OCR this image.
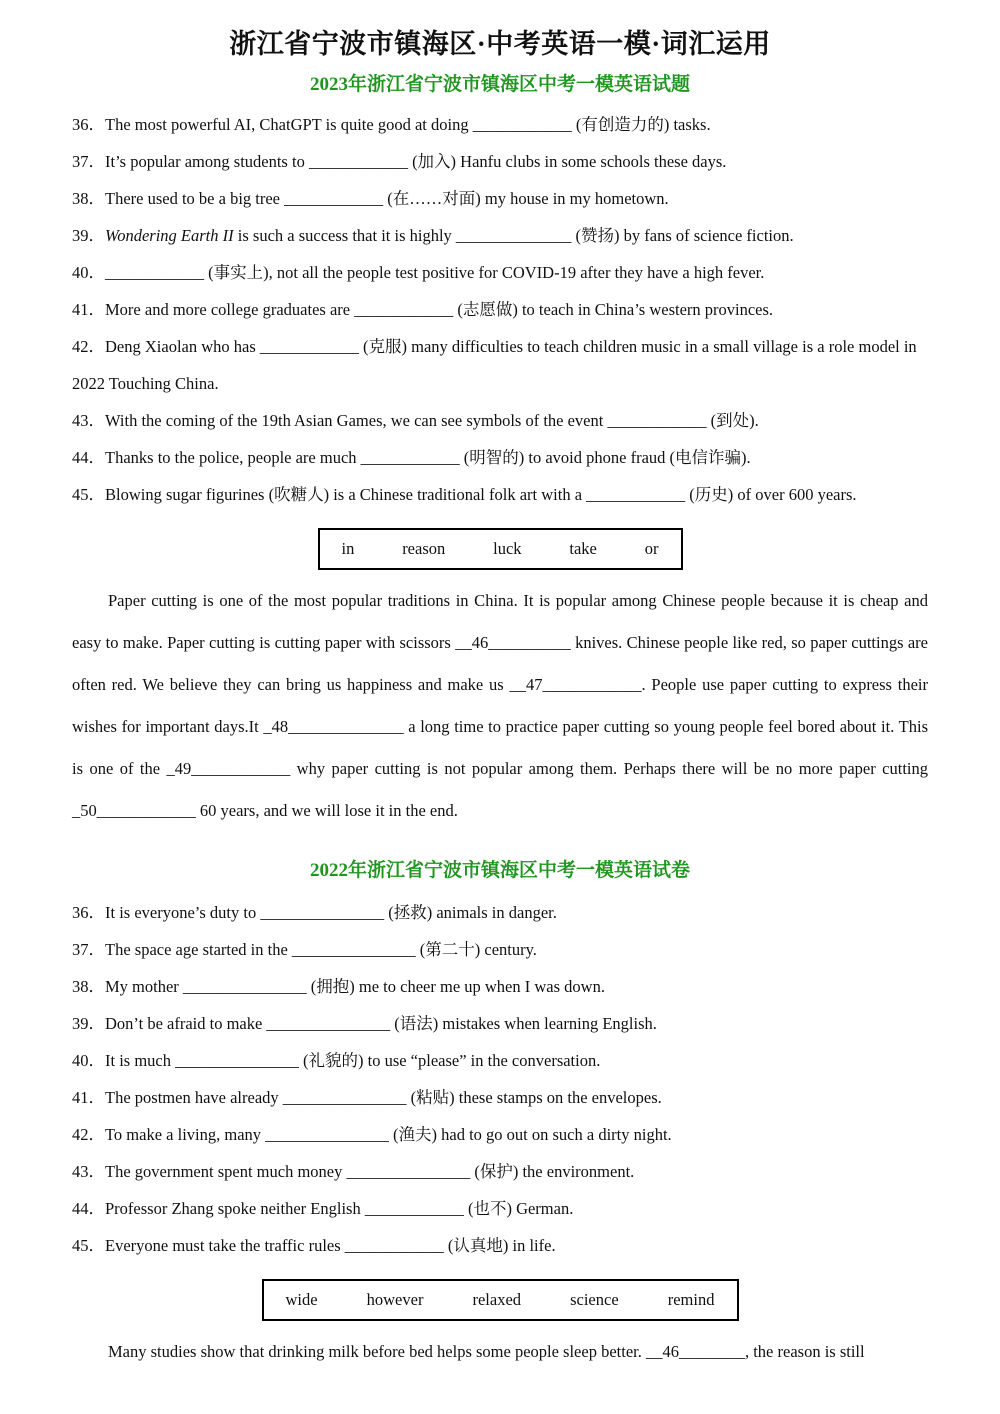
浙江省宁波市镇海区·中考英语一模·词汇运用
2023年浙江省宁波市镇海区中考一模英语试题

36．The most powerful AI, ChatGPT is quite good at doing ____________ (有创造力的) tasks.

37．It’s popular among students to ____________ (加入) Hanfu clubs in some schools these days.

38．There used to be a big tree ____________ (在……对面) my house in my hometown.

39．Wondering Earth II is such a success that it is highly ______________ (赞扬) by fans of science fiction.

40．____________ (事实上), not all the people test positive for COVID-19 after they have a high fever.

41．More and more college graduates are ____________ (志愿做) to teach in China’s western provinces.

42．Deng Xiaolan who has ____________ (克服) many difficulties to teach children music in a small village is a role model in 2022 Touching China.

43．With the coming of the 19th Asian Games, we can see symbols of the event ____________ (到处).

44．Thanks to the police, people are much ____________ (明智的) to avoid phone fraud (电信诈骗).

45．Blowing sugar figurines (吹糖人) is a Chinese traditional folk art with a ____________ (历史) of over 600 years.

in	reason	luck	take	or

Paper cutting is one of the most popular traditions in China. It is popular among Chinese people because it is cheap and easy to make. Paper cutting is cutting paper with scissors __46__________ knives. Chinese people like red, so paper cuttings are often red. We believe they can bring us happiness and make us __47____________. People use paper cutting to express their wishes for important days.It _48______________ a long time to practice paper cutting so young people feel bored about it. This is one of the _49____________ why paper cutting is not popular among them. Perhaps there will be no more paper cutting _50____________ 60 years, and we will lose it in the end.

2022年浙江省宁波市镇海区中考一模英语试卷

36．It is everyone’s duty to _______________ (拯救) animals in danger.

37．The space age started in the _______________ (第二十) century.

38．My mother _______________ (拥抱) me to cheer me up when I was down.

39．Don’t be afraid to make _______________ (语法) mistakes when learning English.

40．It is much _______________ (礼貌的) to use “please” in the conversation.

41．The postmen have already _______________ (粘贴) these stamps on the envelopes.

42．To make a living, many _______________ (渔夫) had to go out on such a dirty night.

43．The government spent much money _______________ (保护) the environment.

44．Professor Zhang spoke neither English ____________ (也不) German.

45．Everyone must take the traffic rules ____________ (认真地) in life.

wide	however	relaxed	science	remind

Many studies show that drinking milk before bed helps some people sleep better. __46________, the reason is still
